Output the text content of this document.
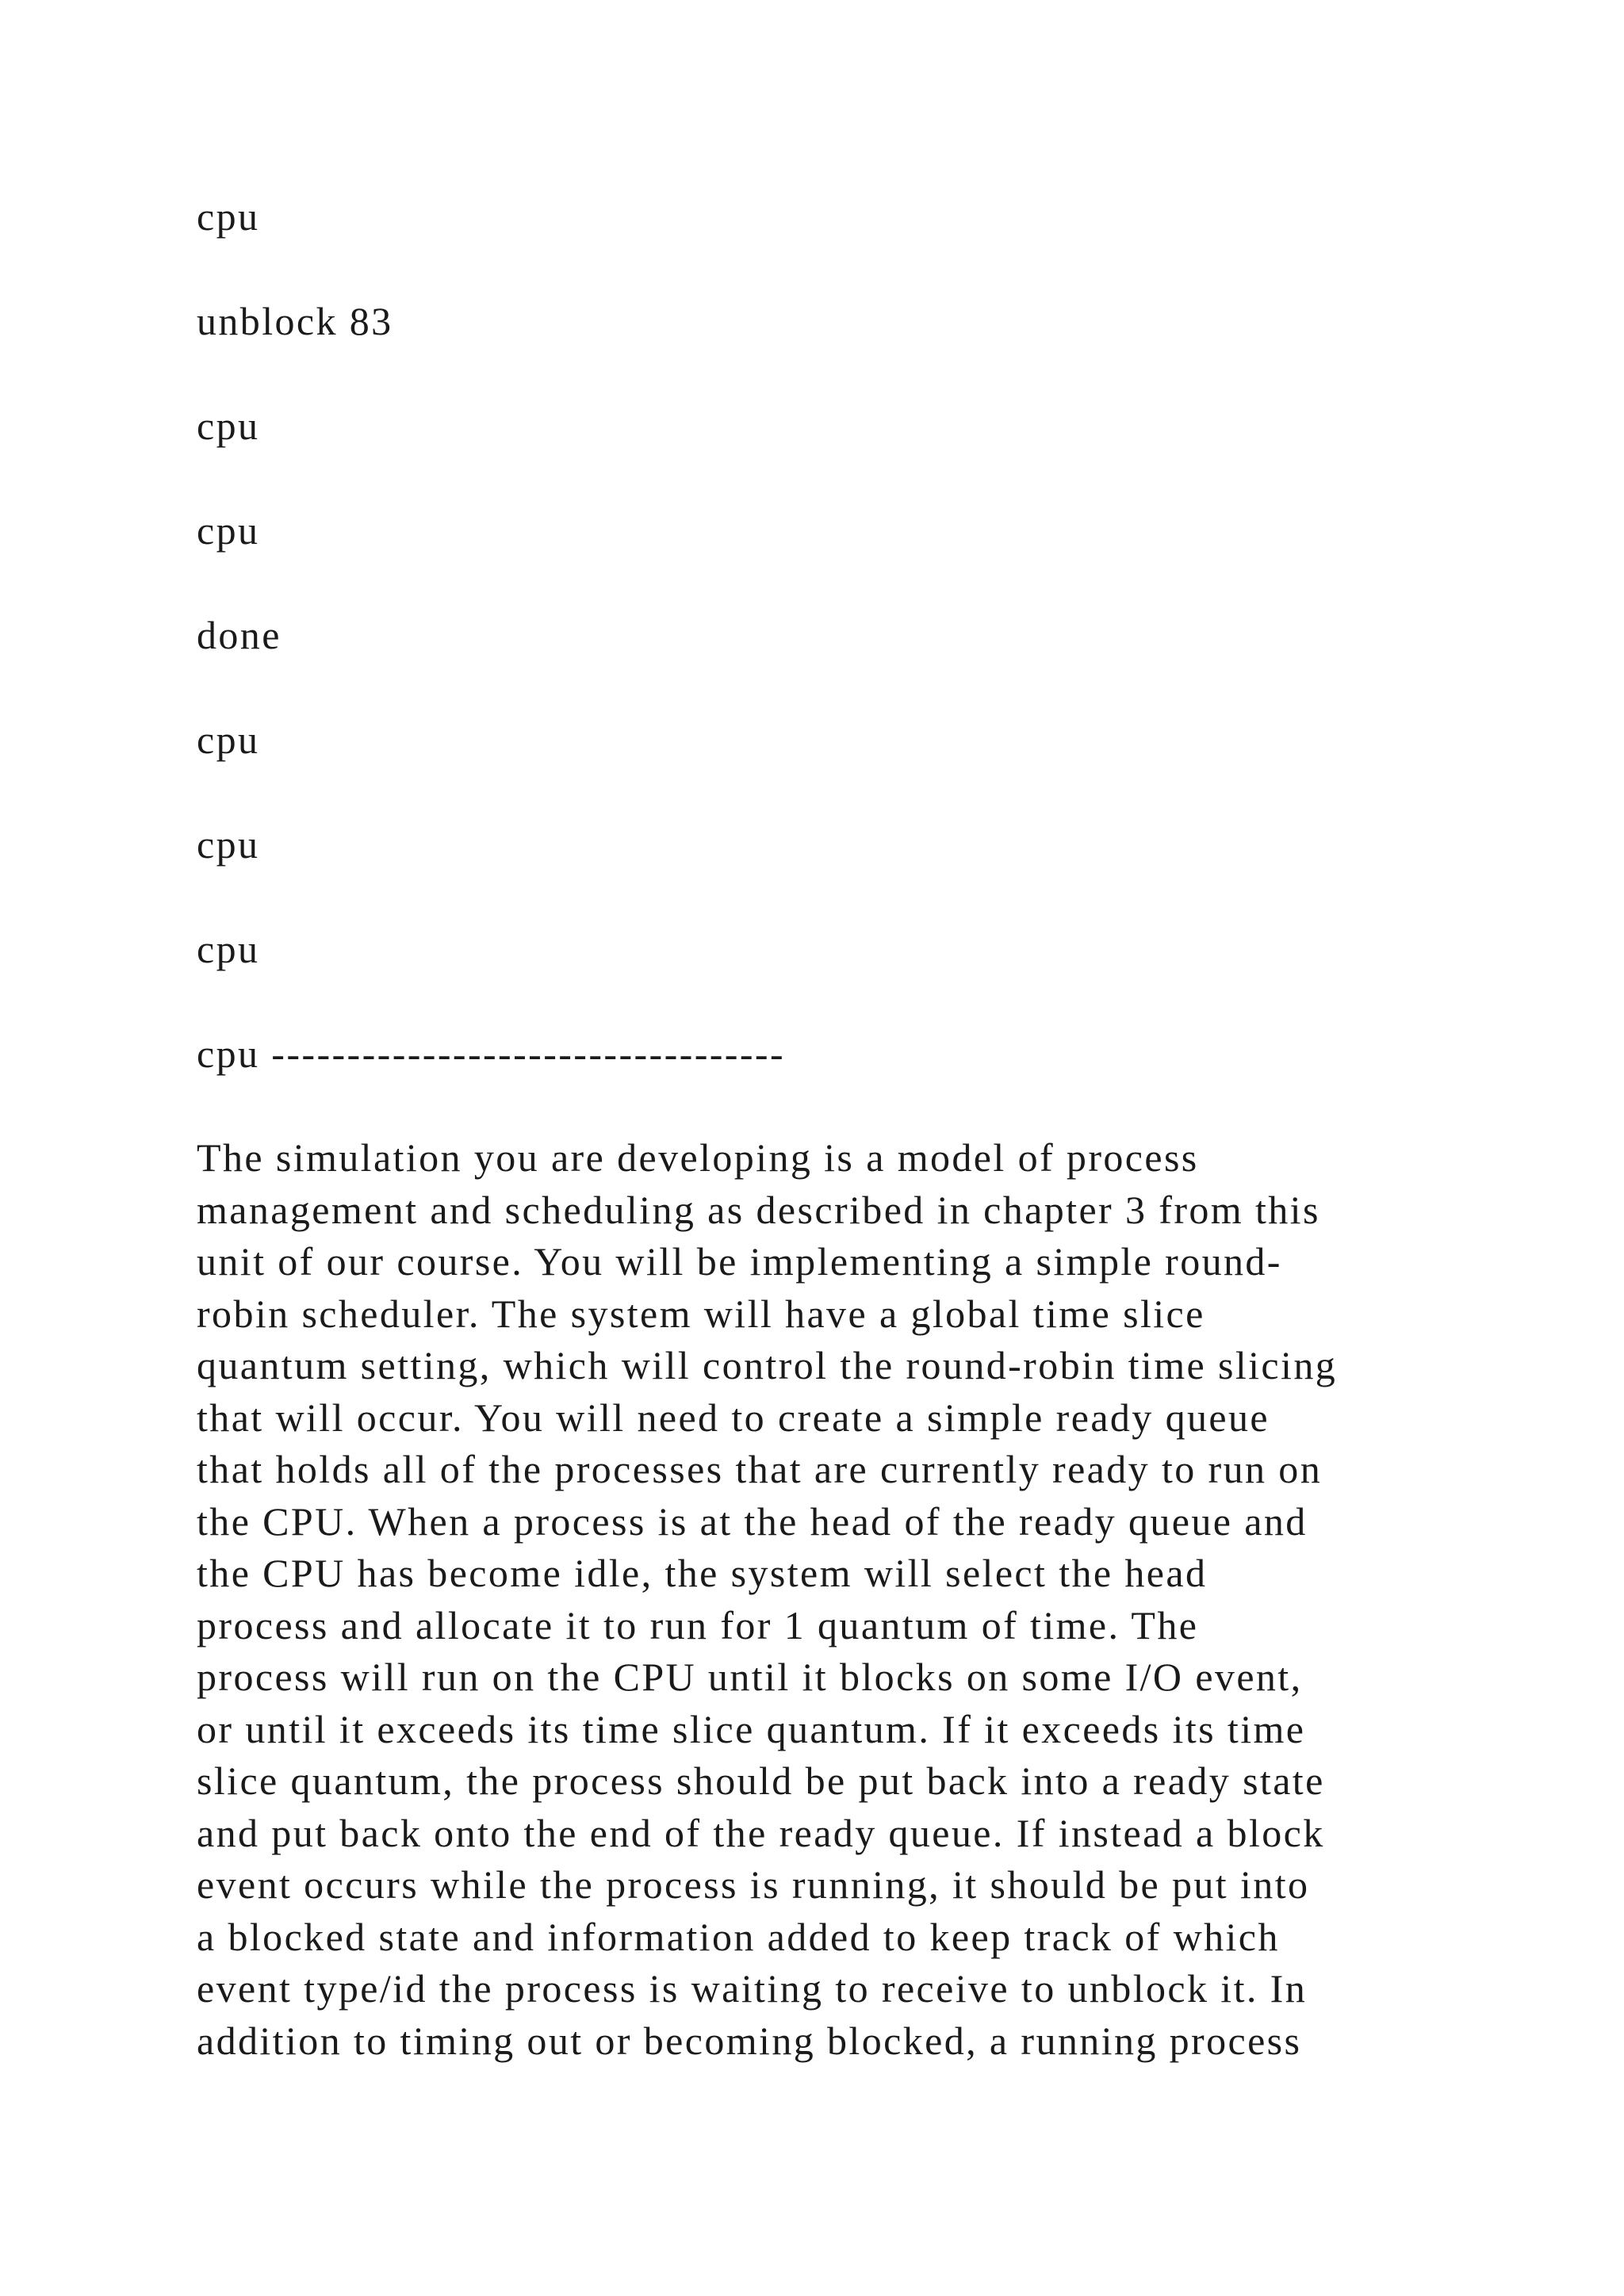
cpu
unblock 83
cpu
cpu
done
cpu
cpu
cpu
cpu ----------------------------------
The simulation you are developing is a model of process
management and scheduling as described in chapter 3 from this
unit of our course. You will be implementing a simple round-
robin scheduler. The system will have a global time slice
quantum setting, which will control the round-robin time slicing
that will occur. You will need to create a simple ready queue
that holds all of the processes that are currently ready to run on
the CPU. When a process is at the head of the ready queue and
the CPU has become idle, the system will select the head
process and allocate it to run for 1 quantum of time. The
process will run on the CPU until it blocks on some I/O event,
or until it exceeds its time slice quantum. If it exceeds its time
slice quantum, the process should be put back into a ready state
and put back onto the end of the ready queue. If instead a block
event occurs while the process is running, it should be put into
a blocked state and information added to keep track of which
event type/id the process is waiting to receive to unblock it. In
addition to timing out or becoming blocked, a running process
